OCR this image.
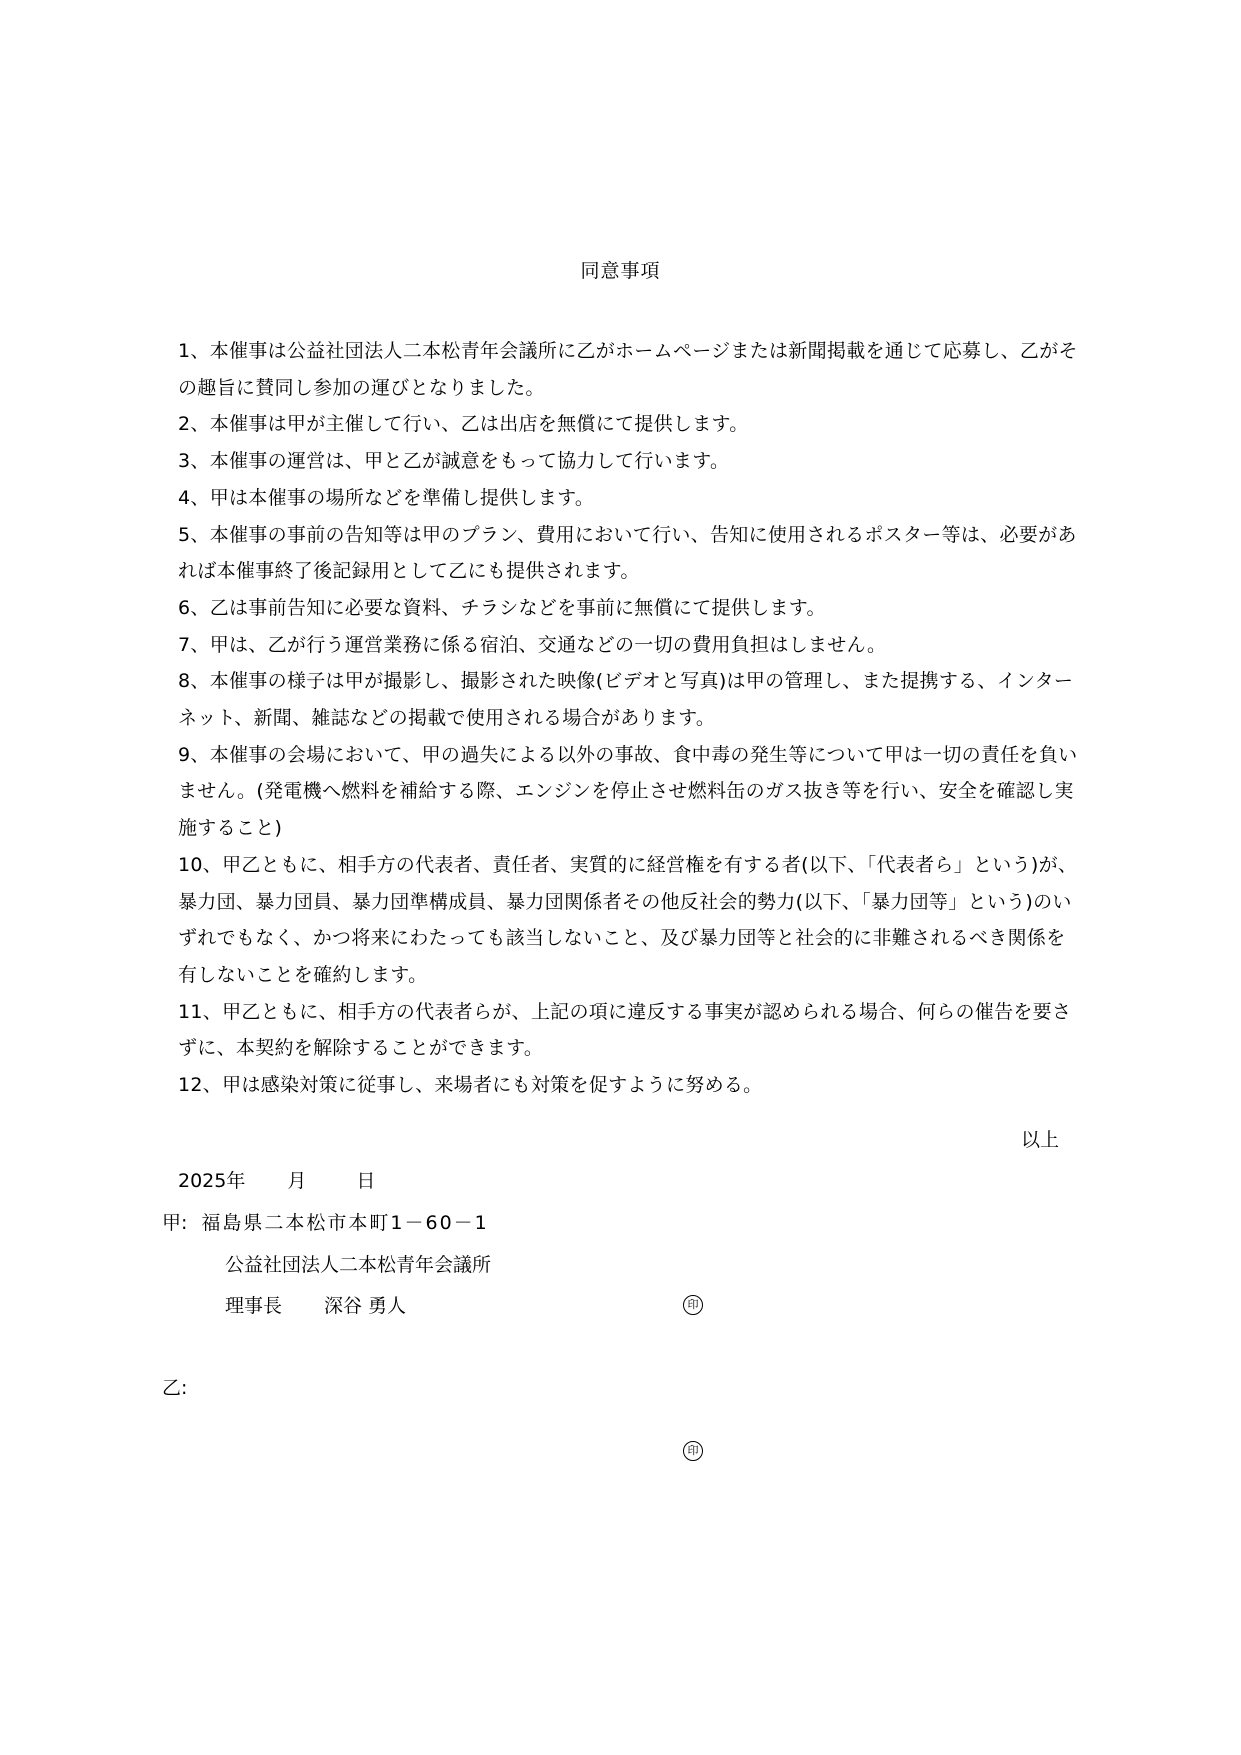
同意事項

1、本催事は公益社団法人二本松青年会議所に乙がホームページまたは新聞掲載を通じて応募し、乙がその趣旨に賛同し参加の運びとなりました。

2、本催事は甲が主催して行い、乙は出店を無償にて提供します。

3、本催事の運営は、甲と乙が誠意をもって協力して行います。

4、甲は本催事の場所などを準備し提供します。

5、本催事の事前の告知等は甲のプラン、費用において行い、告知に使用されるポスター等は、必要があれば本催事終了後記録用として乙にも提供されます。

6、乙は事前告知に必要な資料、チラシなどを事前に無償にて提供します。

7、甲は、乙が行う運営業務に係る宿泊、交通などの一切の費用負担はしません。

8、本催事の様子は甲が撮影し、撮影された映像(ビデオと写真)は甲の管理し、また提携する、インターネット、新聞、雑誌などの掲載で使用される場合があります。

9、本催事の会場において、甲の過失による以外の事故、食中毒の発生等について甲は一切の責任を負いません。(発電機へ燃料を補給する際、エンジンを停止させ燃料缶のガス抜き等を行い、安全を確認し実施すること)

10、甲乙ともに、相手方の代表者、責任者、実質的に経営権を有する者(以下、「代表者ら」という)が、暴力団、暴力団員、暴力団準構成員、暴力団関係者その他反社会的勢力(以下、「暴力団等」という)のいずれでもなく、かつ将来にわたっても該当しないこと、及び暴力団等と社会的に非難されるべき関係を有しないことを確約します。

11、甲乙ともに、相手方の代表者らが、上記の項に違反する事実が認められる場合、何らの催告を要さずに、本契約を解除することができます。

12、甲は感染対策に従事し、来場者にも対策を促すように努める。

以上
2025年 月	日
甲: 福島県二本松市本町1－60－1
公益社団法人二本松青年会議所
理事長 深谷 勇人	印
乙:
印
